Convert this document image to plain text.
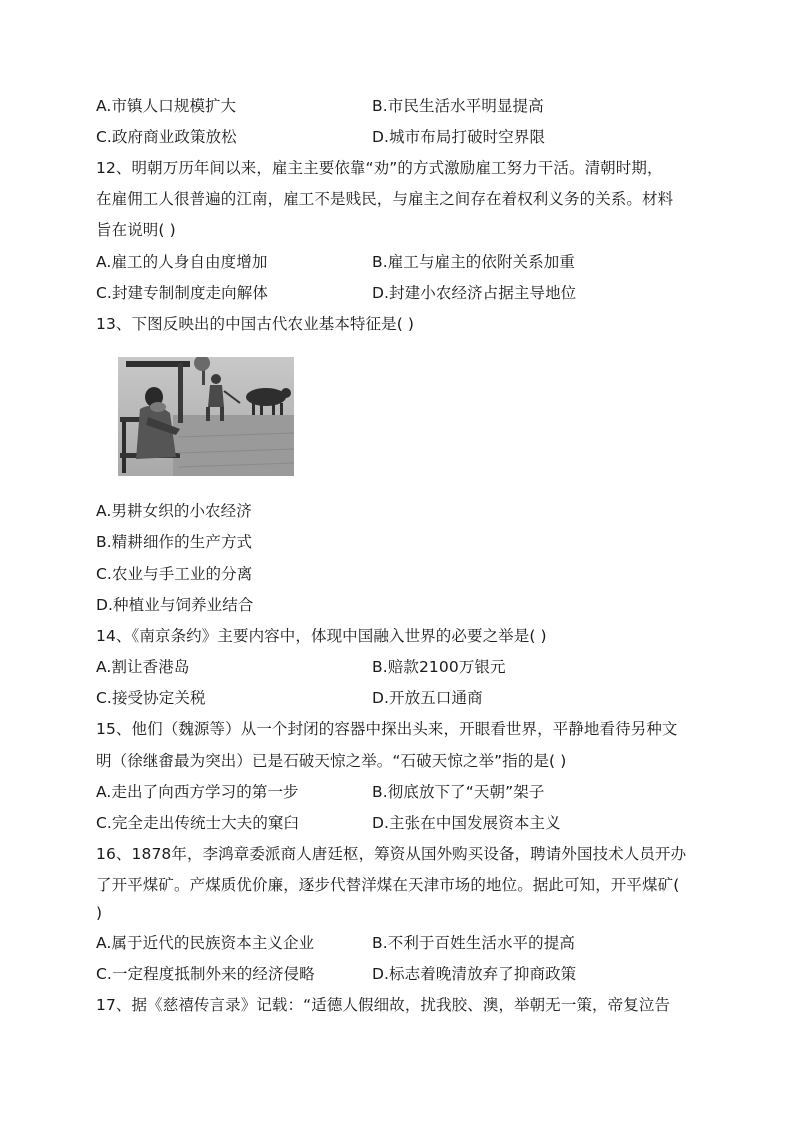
A.市镇人口规模扩大	B.市民生活水平明显提高
C.政府商业政策放松	D.城市布局打破时空界限
12、明朝万历年间以来，雇主主要依靠“劝”的方式激励雇工努力干活。清朝时期，
在雇佣工人很普遍的江南，雇工不是贱民，与雇主之间存在着权利义务的关系。材料
旨在说明( )
A.雇工的人身自由度增加	B.雇工与雇主的依附关系加重
C.封建专制制度走向解体	D.封建小农经济占据主导地位
13、下图反映出的中国古代农业基本特征是( )
A.男耕女织的小农经济
B.精耕细作的生产方式
C.农业与手工业的分离
D.种植业与饲养业结合
14、《南京条约》主要内容中，体现中国融入世界的必要之举是( )
A.割让香港岛	B.赔款2100万银元
C.接受协定关税	D.开放五口通商
15、他们（魏源等）从一个封闭的容器中探出头来，开眼看世界，平静地看待另种文
明（徐继畬最为突出）已是石破天惊之举。“石破天惊之举”指的是( )
A.走出了向西方学习的第一步	B.彻底放下了“天朝”架子
C.完全走出传统士大夫的窠臼	D.主张在中国发展资本主义
16、1878年，李鸿章委派商人唐廷枢，筹资从国外购买设备，聘请外国技术人员开办
了开平煤矿。产煤质优价廉，逐步代替洋煤在天津市场的地位。据此可知，开平煤矿(
)
A.属于近代的民族资本主义企业	B.不利于百姓生活水平的提高
C.一定程度抵制外来的经济侵略	D.标志着晚清放弃了抑商政策
17、据《慈禧传言录》记载：“适德人假细故，扰我胶、澳，举朝无一策，帝复泣告
